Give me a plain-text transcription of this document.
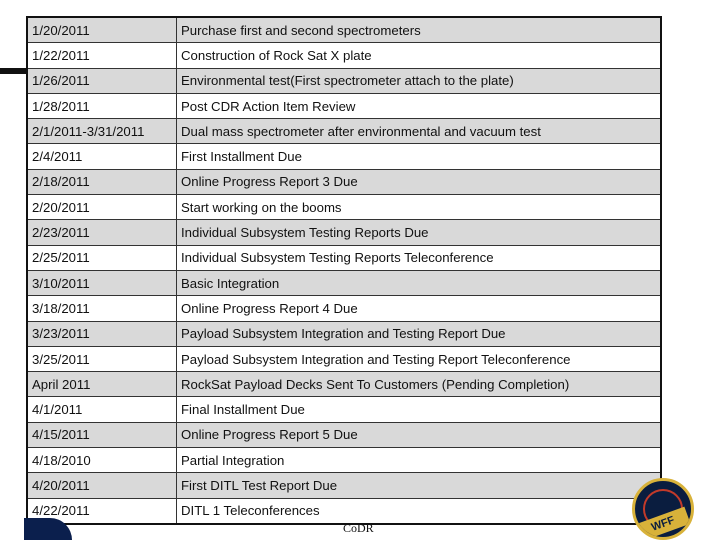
1/20/2011	Purchase first and second spectrometers
1/22/2011	Construction of Rock Sat X plate
1/26/2011	Environmental test(First spectrometer attach to the plate)
1/28/2011	Post CDR Action Item Review
2/1/2011-3/31/2011	Dual mass spectrometer after environmental and vacuum test
2/4/2011	First Installment Due
2/18/2011	Online Progress Report 3 Due
2/20/2011	Start working on the booms
2/23/2011	Individual Subsystem Testing Reports Due
2/25/2011	Individual Subsystem Testing Reports Teleconference
3/10/2011	Basic Integration
3/18/2011	Online Progress Report 4 Due
3/23/2011	Payload Subsystem Integration and Testing Report Due
3/25/2011	Payload Subsystem Integration and Testing Report Teleconference
April 2011	RockSat Payload Decks Sent To Customers (Pending Completion)
4/1/2011	Final Installment Due
4/15/2011	Online Progress Report 5 Due
4/18/2010	Partial Integration
4/20/2011	First DITL Test Report Due
4/22/2011	DITL 1 Teleconferences
CoDR	WFF
